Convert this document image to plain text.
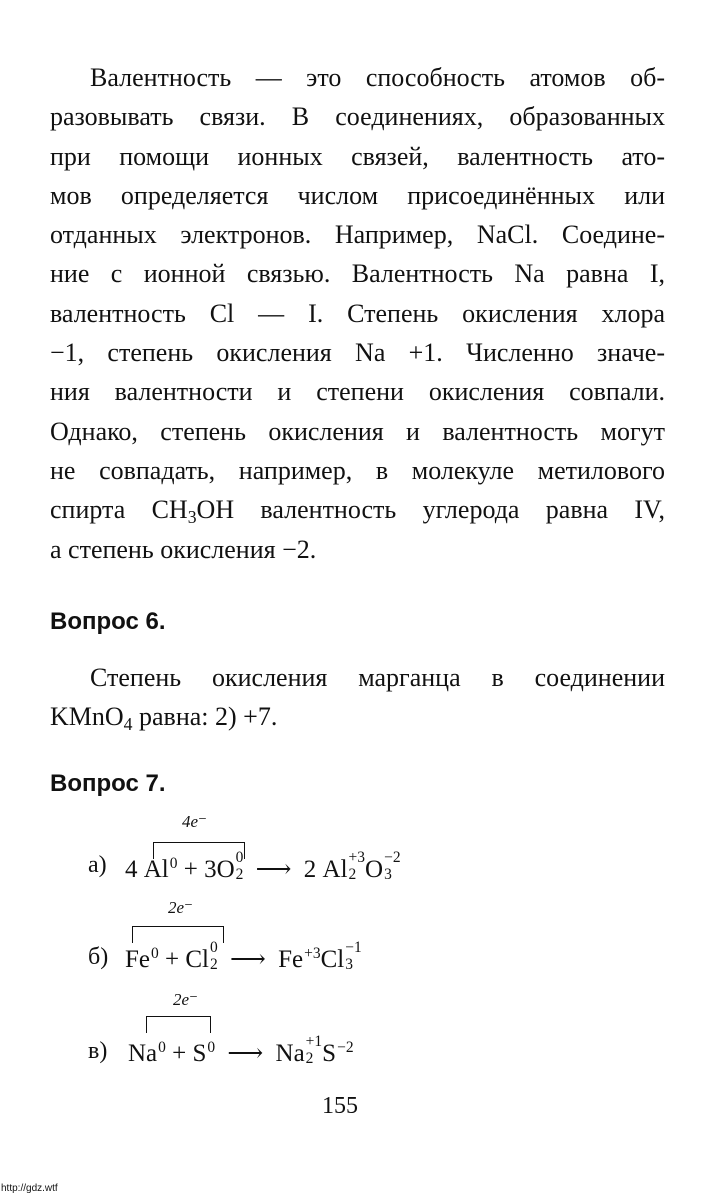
Валентность — это способность атомов об-
разовывать связи. В соединениях, образованных
при помощи ионных связей, валентность ато-
мов определяется числом присоединённых или
отданных электронов. Например, NaCl. Соедине-
ние с ионной связью. Валентность Na равна I,
валентность Cl — I. Степень окисления хлора
−1, степень окисления Na +1. Численно значе-
ния валентности и степени окисления совпали.
Однако, степень окисления и валентность могут
не совпадать, например, в молекуле метилового
спирта $CH_3OH$ валентность углерода равна IV,
а степень окисления −2.
Вопрос 6.
Степень окисления марганца в соединении
KMnO$_4$ равна: 2) +7.
Вопрос 7.
4e⁻
а) 4 $Al^0 + 3O$ 0
2 ⟶ 2 Al +3
2 O −2
3
2e⁻
б) $Fe^0 + Cl$ 0
2 ⟶ $Fe^{+3}Cl -1$
3
2e⁻
в) $Na^0 + S^0$ ⟶ Na +1
2 $S^{-2}$
155
http://gdz.wtf
